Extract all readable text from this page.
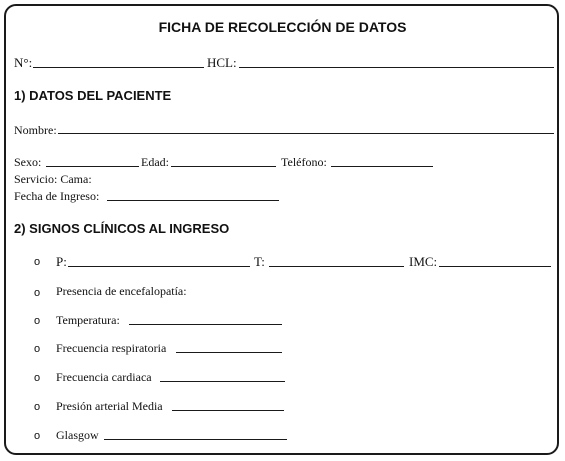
FICHA DE RECOLECCIÓN DE DATOS
N°:	HCL:
1) DATOS DEL PACIENTE
Nombre:
Sexo:	Edad:	Teléfono:
Servicio: Cama:
Fecha de Ingreso:
2) SIGNOS CLÍNICOS AL INGRESO
o P:	T:	IMC:
o Presencia de encefalopatía:
o Temperatura:
o Frecuencia respiratoria
o Frecuencia cardiaca
o Presión arterial Media
o Glasgow
